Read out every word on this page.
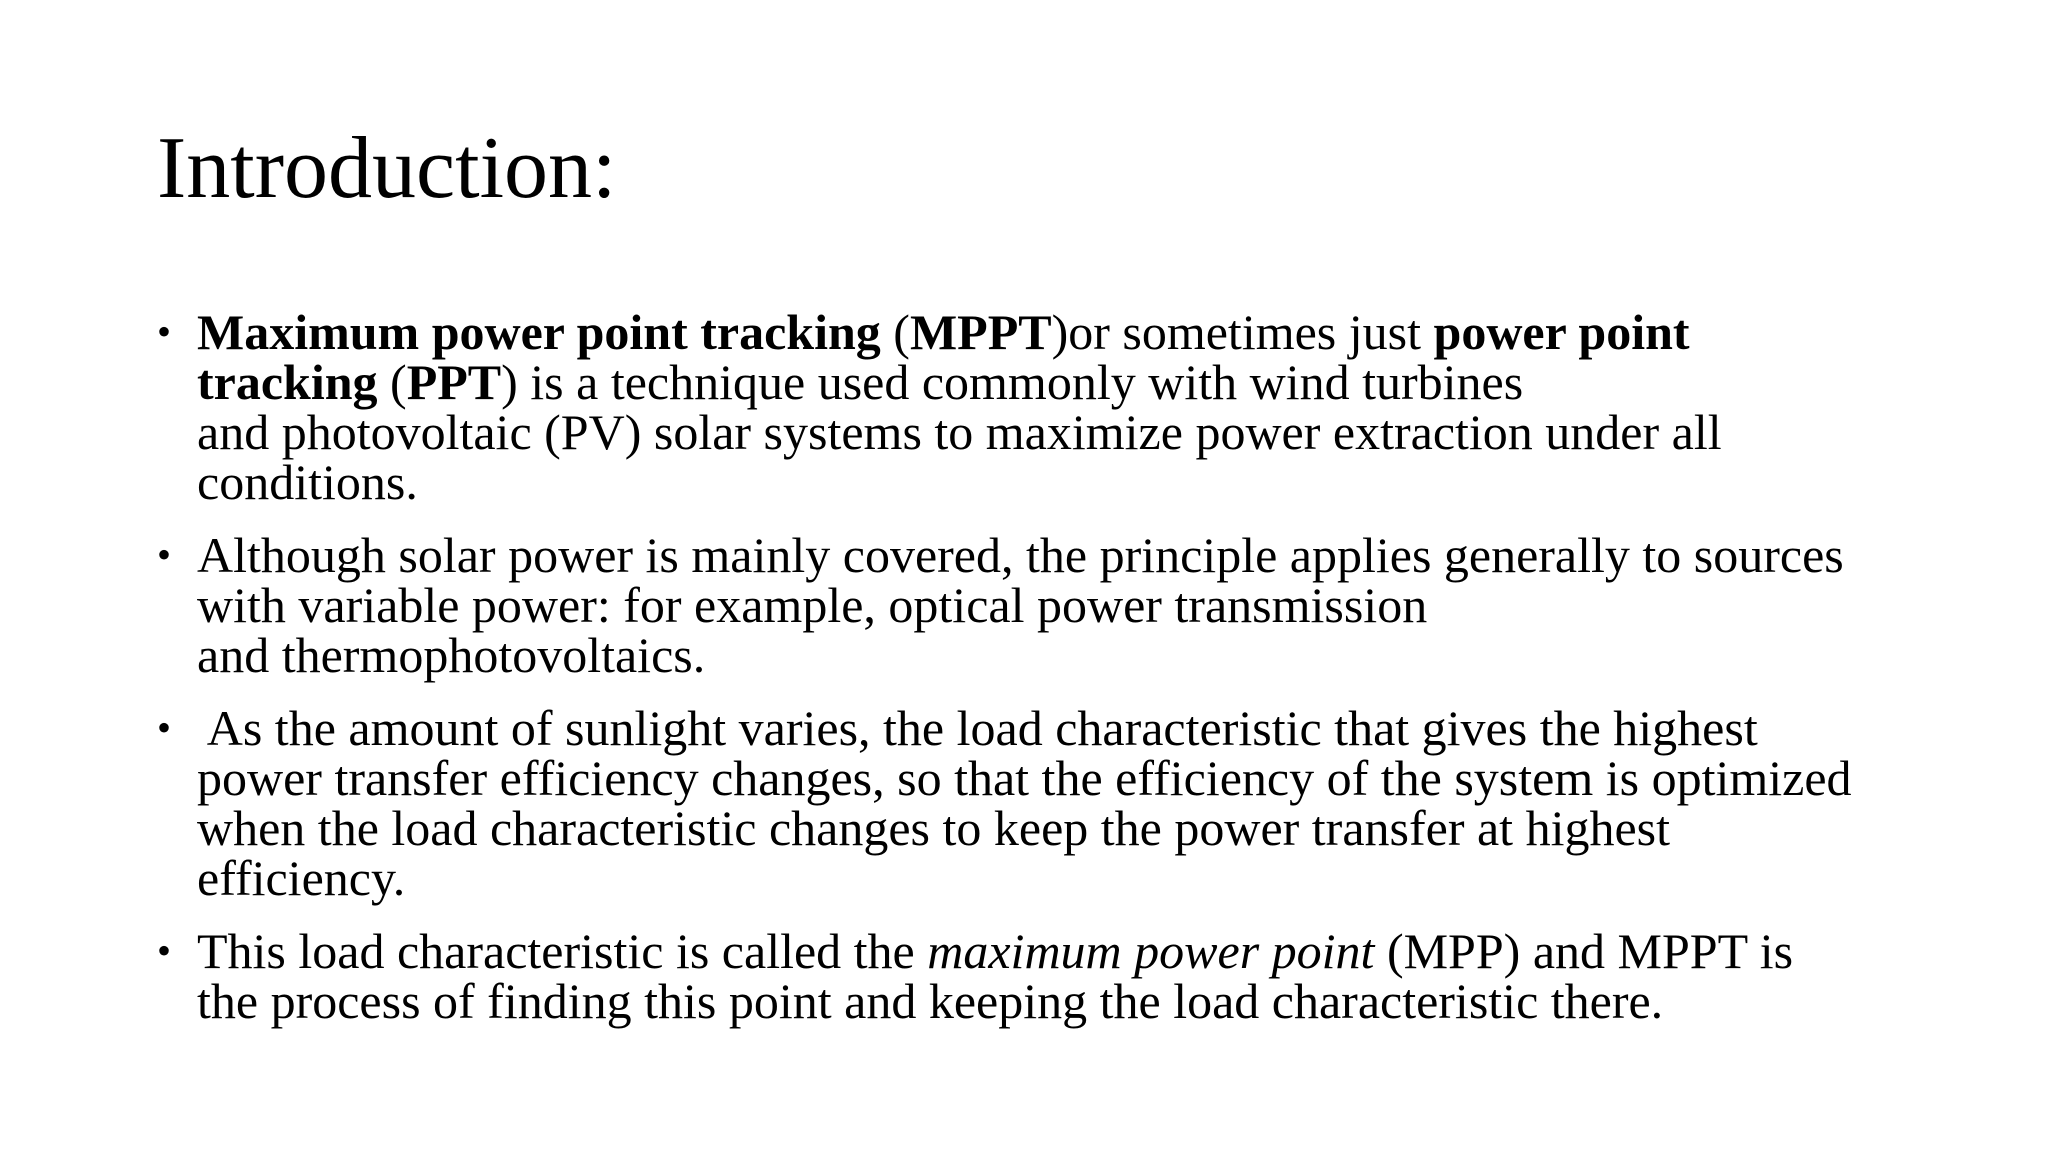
Introduction:
• Maximum power point tracking (MPPT)or sometimes just power point
tracking (PPT) is a technique used commonly with wind turbines
and photovoltaic (PV) solar systems to maximize power extraction under all
conditions.
• Although solar power is mainly covered, the principle applies generally to sources
with variable power: for example, optical power transmission
and thermophotovoltaics.
• As the amount of sunlight varies, the load characteristic that gives the highest
power transfer efficiency changes, so that the efficiency of the system is optimized
when the load characteristic changes to keep the power transfer at highest
efficiency.
• This load characteristic is called the maximum power point (MPP) and MPPT is
the process of finding this point and keeping the load characteristic there.
